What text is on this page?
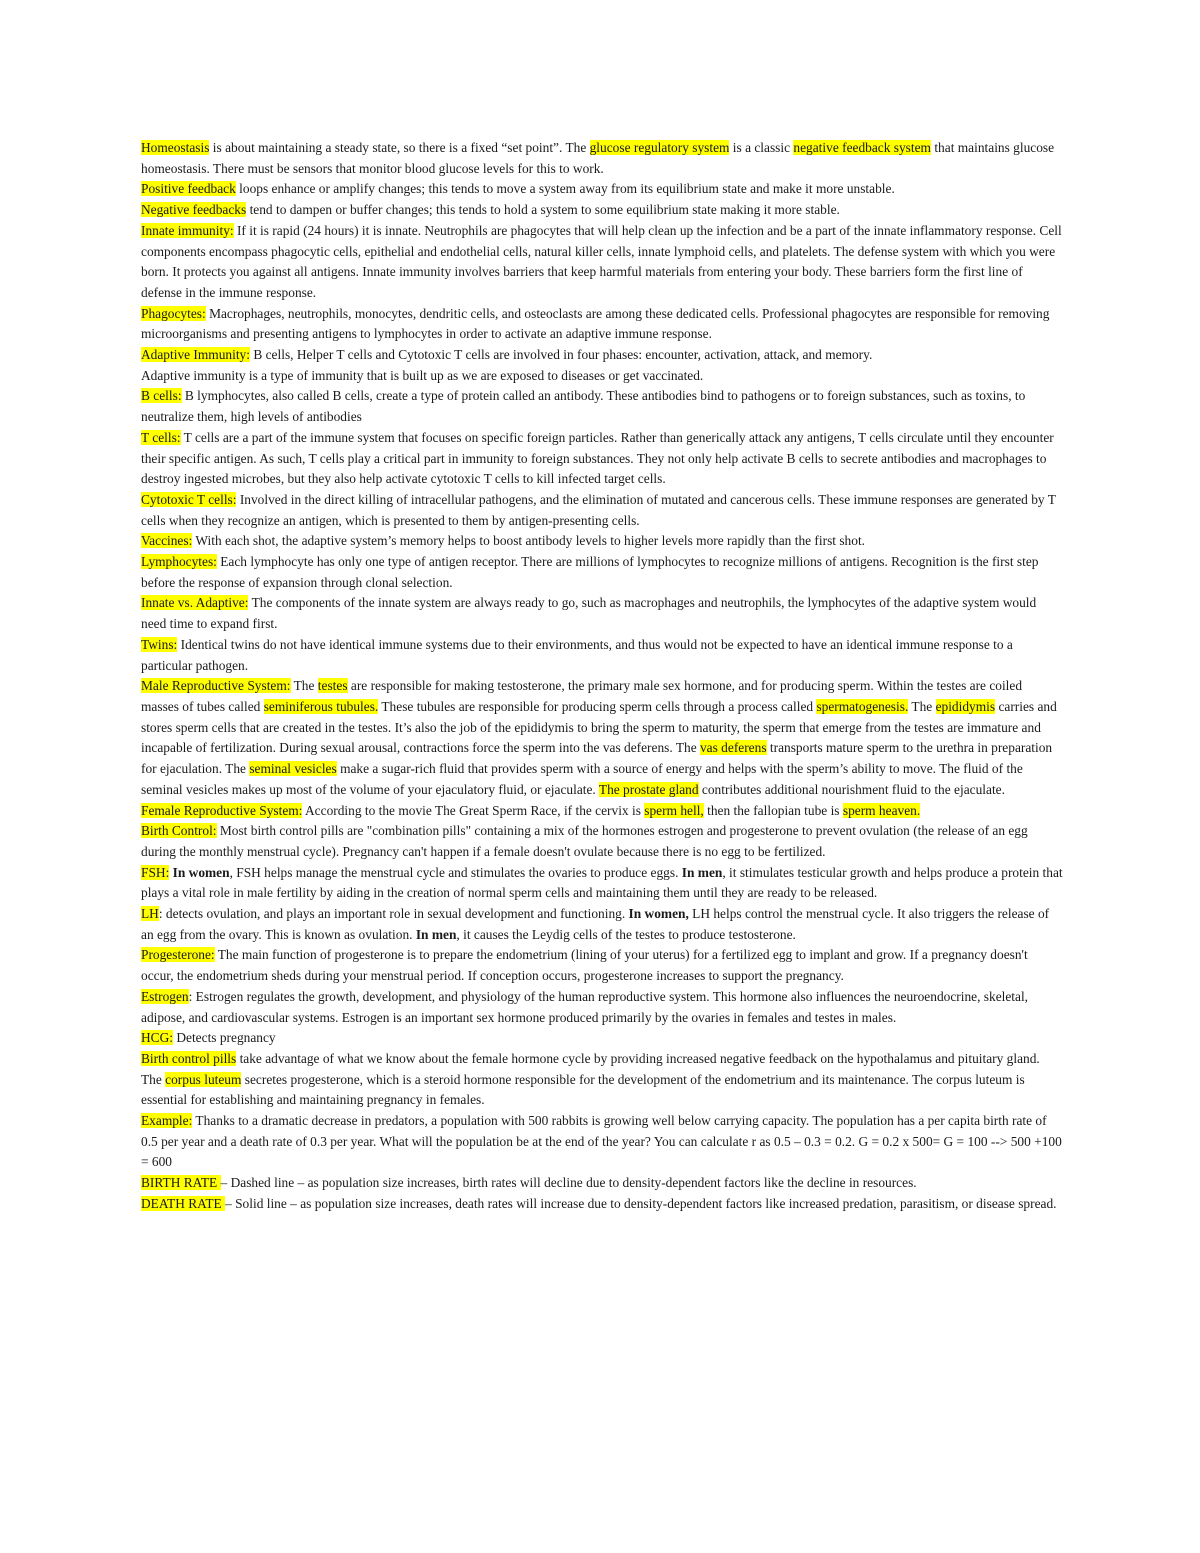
Homeostasis is about maintaining a steady state, so there is a fixed “set point”. The glucose regulatory system is a classic negative feedback system that maintains glucose homeostasis. There must be sensors that monitor blood glucose levels for this to work.

Positive feedback loops enhance or amplify changes; this tends to move a system away from its equilibrium state and make it more unstable.

Negative feedbacks tend to dampen or buffer changes; this tends to hold a system to some equilibrium state making it more stable.

Innate immunity: If it is rapid (24 hours) it is innate. Neutrophils are phagocytes that will help clean up the infection and be a part of the innate inflammatory response. Cell components encompass phagocytic cells, epithelial and endothelial cells, natural killer cells, innate lymphoid cells, and platelets. The defense system with which you were born. It protects you against all antigens. Innate immunity involves barriers that keep harmful materials from entering your body. These barriers form the first line of defense in the immune response.

Phagocytes: Macrophages, neutrophils, monocytes, dendritic cells, and osteoclasts are among these dedicated cells. Professional phagocytes are responsible for removing microorganisms and presenting antigens to lymphocytes in order to activate an adaptive immune response.

Adaptive Immunity: B cells, Helper T cells and Cytotoxic T cells are involved in four phases: encounter, activation, attack, and memory.

Adaptive immunity is a type of immunity that is built up as we are exposed to diseases or get vaccinated.

B cells: B lymphocytes, also called B cells, create a type of protein called an antibody. These antibodies bind to pathogens or to foreign substances, such as toxins, to neutralize them, high levels of antibodies

T cells: T cells are a part of the immune system that focuses on specific foreign particles. Rather than generically attack any antigens, T cells circulate until they encounter their specific antigen. As such, T cells play a critical part in immunity to foreign substances. They not only help activate B cells to secrete antibodies and macrophages to destroy ingested microbes, but they also help activate cytotoxic T cells to kill infected target cells.

Cytotoxic T cells: Involved in the direct killing of intracellular pathogens, and the elimination of mutated and cancerous cells. These immune responses are generated by T cells when they recognize an antigen, which is presented to them by antigen-presenting cells.

Vaccines: With each shot, the adaptive system’s memory helps to boost antibody levels to higher levels more rapidly than the first shot.

Lymphocytes: Each lymphocyte has only one type of antigen receptor. There are millions of lymphocytes to recognize millions of antigens. Recognition is the first step before the response of expansion through clonal selection.

Innate vs. Adaptive: The components of the innate system are always ready to go, such as macrophages and neutrophils, the lymphocytes of the adaptive system would need time to expand first.

Twins: Identical twins do not have identical immune systems due to their environments, and thus would not be expected to have an identical immune response to a particular pathogen.

Male Reproductive System: The testes are responsible for making testosterone, the primary male sex hormone, and for producing sperm. Within the testes are coiled masses of tubes called seminiferous tubules. These tubules are responsible for producing sperm cells through a process called spermatogenesis. The epididymis carries and stores sperm cells that are created in the testes. It’s also the job of the epididymis to bring the sperm to maturity, the sperm that emerge from the testes are immature and incapable of fertilization. During sexual arousal, contractions force the sperm into the vas deferens. The vas deferens transports mature sperm to the urethra in preparation for ejaculation. The seminal vesicles make a sugar-rich fluid that provides sperm with a source of energy and helps with the sperm’s ability to move. The fluid of the seminal vesicles makes up most of the volume of your ejaculatory fluid, or ejaculate. The prostate gland contributes additional nourishment fluid to the ejaculate.

Female Reproductive System: According to the movie The Great Sperm Race, if the cervix is sperm hell, then the fallopian tube is sperm heaven.

Birth Control: Most birth control pills are "combination pills" containing a mix of the hormones estrogen and progesterone to prevent ovulation (the release of an egg during the monthly menstrual cycle). Pregnancy can't happen if a female doesn't ovulate because there is no egg to be fertilized.

FSH: In women, FSH helps manage the menstrual cycle and stimulates the ovaries to produce eggs. In men, it stimulates testicular growth and helps produce a protein that plays a vital role in male fertility by aiding in the creation of normal sperm cells and maintaining them until they are ready to be released.

LH: detects ovulation, and plays an important role in sexual development and functioning. In women, LH helps control the menstrual cycle. It also triggers the release of an egg from the ovary. This is known as ovulation. In men, it causes the Leydig cells of the testes to produce testosterone.

Progesterone: The main function of progesterone is to prepare the endometrium (lining of your uterus) for a fertilized egg to implant and grow. If a pregnancy doesn't occur, the endometrium sheds during your menstrual period. If conception occurs, progesterone increases to support the pregnancy.

Estrogen: Estrogen regulates the growth, development, and physiology of the human reproductive system. This hormone also influences the neuroendocrine, skeletal, adipose, and cardiovascular systems. Estrogen is an important sex hormone produced primarily by the ovaries in females and testes in males.

HCG: Detects pregnancy

Birth control pills take advantage of what we know about the female hormone cycle by providing increased negative feedback on the hypothalamus and pituitary gland.

The corpus luteum secretes progesterone, which is a steroid hormone responsible for the development of the endometrium and its maintenance. The corpus luteum is essential for establishing and maintaining pregnancy in females.

Example: Thanks to a dramatic decrease in predators, a population with 500 rabbits is growing well below carrying capacity. The population has a per capita birth rate of 0.5 per year and a death rate of 0.3 per year. What will the population be at the end of the year? You can calculate r as 0.5 – 0.3 = 0.2. G = 0.2 x 500= G = 100 --> 500 +100 = 600

BIRTH RATE – Dashed line – as population size increases, birth rates will decline due to density-dependent factors like the decline in resources.

DEATH RATE – Solid line – as population size increases, death rates will increase due to density-dependent factors like increased predation, parasitism, or disease spread.
